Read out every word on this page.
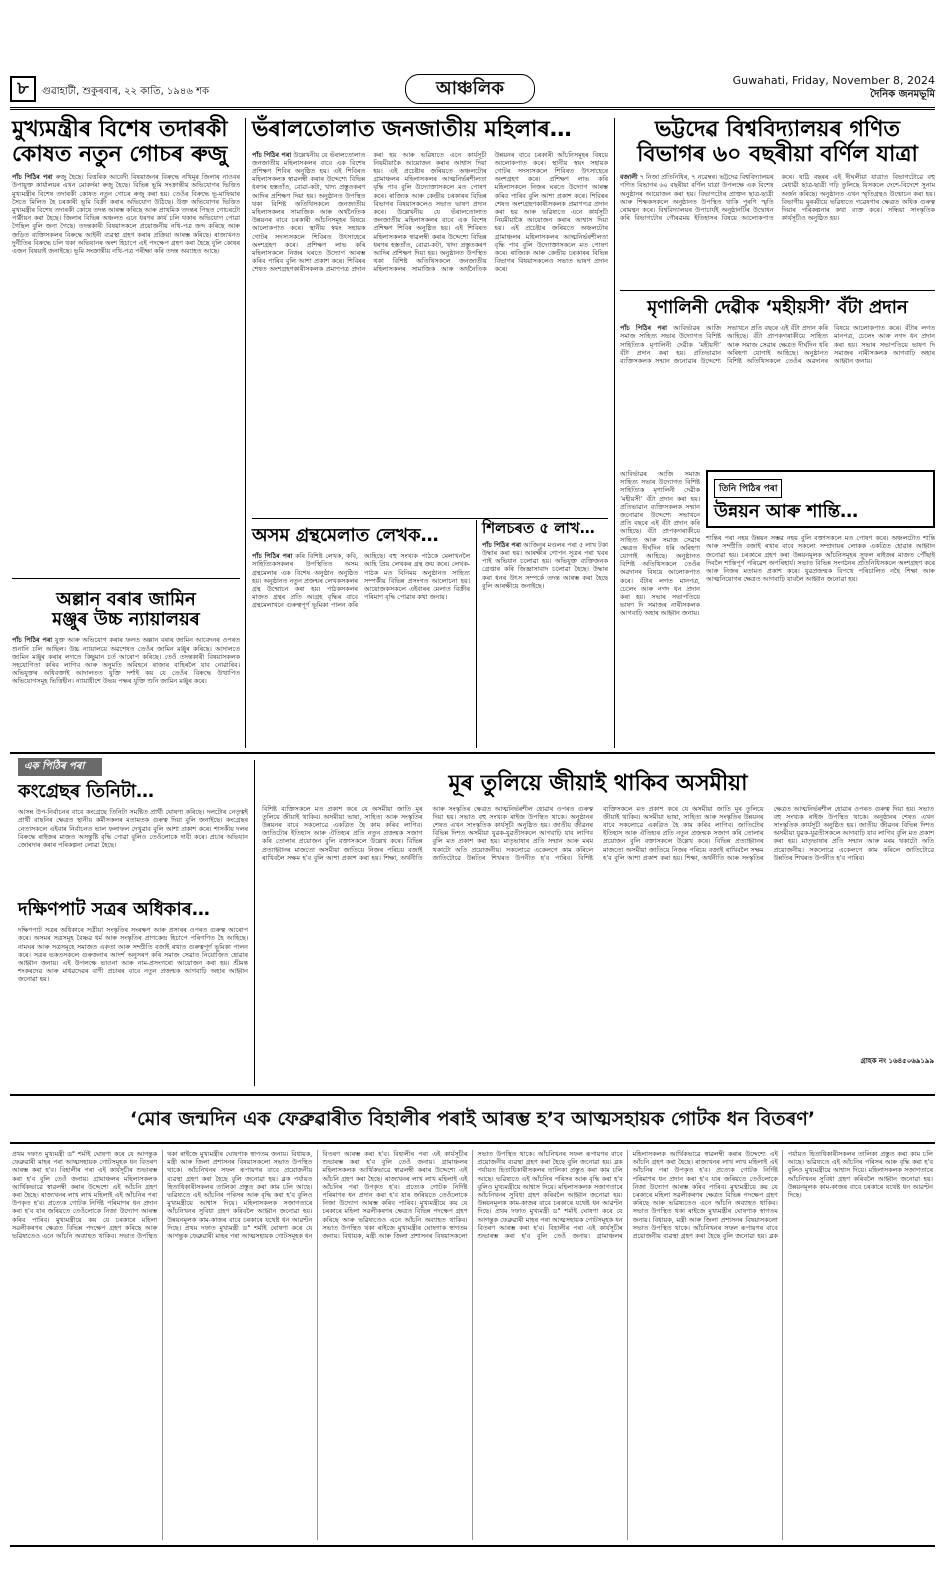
৮	গুৱাহাটী, শুকুৰবাৰ, ২২ কাতি, ১৯৪৬ শক	আঞ্চলিক	Guwahati, Friday, November 8, 2024
দৈনিক জনমভূমি
মুখ্যমন্ত্ৰীৰ বিশেষ তদাৰকী
কোষত নতুন গোচৰ ৰুজু
পাঁচ পিঠিৰ পৰা ৰুজু হৈছে। বিত্তৰিক আবেদী বিষয়াজনৰ বিৰুদ্ধে নথিমূৰ জিলাৰ নাওবৰ উপায়ুক্ত কাৰ্যালয়ৰ এখন মোকৰ্দমা ৰুজু হৈছে। বিভিন্ন ভূমি সংক্ৰান্তীয় অভিযোগৰ ভিত্তিত মুখ্যমন্ত্ৰীৰ বিশেষ তদাৰকী কোষত নতুন গোচৰ ৰুজু কৰা হয়। তেওঁৰ বিৰুদ্ধে ভূ-মাফিয়াৰ সৈতে মিলিত হৈ চৰকাৰী ভূমি বিক্ৰী কৰাৰ অভিযোগ উঠিছে। উক্ত অভিযোগৰ ভিত্তিত মুখ্যমন্ত্ৰীৰ বিশেষ তদাৰকী কোষে তদন্ত আৰম্ভ কৰিছে আৰু প্ৰাথমিক তদন্তৰ পিছত গোচৰটো পঞ্জীয়ন কৰা হৈছে। জিলাৰ বিভিন্ন অঞ্চলত এনে ধৰণৰ কাৰ্য চলি থকাৰ অভিযোগ পোৱা গৈছিল বুলি জনা গৈছে। তদন্তকাৰী বিষয়াসকলে প্ৰয়োজনীয় নথি-পত্ৰ জব্দ কৰিছে আৰু জড়িত ব্যক্তিসকলৰ বিৰুদ্ধে আইনী ব্যৱস্থা গ্ৰহণ কৰাৰ প্ৰক্ৰিয়া আৰম্ভ কৰিছে। ৰাজ্যখনত দুৰ্নীতিৰ বিৰুদ্ধে চলি থকা অভিযানৰ অংশ হিচাপে এই পদক্ষেপ গ্ৰহণ কৰা হৈছে বুলি কোষৰ এজন বিষয়াই জনাইছে। ভূমি সংক্ৰান্তীয় নথি-পত্ৰ পৰীক্ষা কৰি তদন্ত অব্যাহত আছে।
অল্লান বৰাৰ জামিন
মঞ্জুৰ উচ্চ ন্যায়ালয়ৰ
পাঁচ পিঠিৰ পৰা যুক্ত আৰু অভিযোগ কৰাৰ ফলত অল্লান বৰাৰ জামিন আবেদনৰ ওপৰত শুনানি চলি আছিল। উচ্চ ন্যায়ালয়ে অৱশেষত তেওঁৰ জামিন মঞ্জুৰ কৰিছে। আদালতে জামিন মঞ্জুৰ কৰাৰ লগতে কিছুমান চৰ্ত আৰোপ কৰিছে। তেওঁ তদন্তকাৰী বিষয়াসকলক সহযোগিতা কৰিব লাগিব আৰু অনুমতি অবিহনে ৰাজ্যৰ বাহিৰলৈ যাব নোৱাৰিব। অভিযুক্তৰ অধিবক্তাই আদালতত যুক্তি দৰ্শাই কয় যে তেওঁৰ বিৰুদ্ধে উত্থাপিত অভিযোগসমূহ ভিত্তিহীন। ন্যায়াধীশে উভয় পক্ষৰ যুক্তি শুনি জামিন মঞ্জুৰ কৰে।
ভঁৰালতোলাত জনজাতীয় মহিলাৰ…
পাঁচ পিঠিৰ পৰা উল্লেখনীয় যে ভঁৰালতোলাত জনজাতীয় মহিলাসকলৰ বাবে এক বিশেষ প্ৰশিক্ষণ শিবিৰ অনুষ্ঠিত হয়। এই শিবিৰত মহিলাসকলক স্বাৱলম্বী কৰাৰ উদ্দেশ্যে বিভিন্ন ধৰণৰ হস্ততাঁত, বোৱা-কটা, খাদ্য প্ৰস্তুতকৰণ আদিৰ প্ৰশিক্ষণ দিয়া হয়। অনুষ্ঠানত উপস্থিত থকা বিশিষ্ট অতিথিসকলে জনজাতীয় মহিলাসকলৰ সামাজিক আৰু অৰ্থনৈতিক উন্নয়নৰ বাবে চৰকাৰী আঁচনিসমূহৰ বিষয়ে আলোকপাত কৰে। স্থানীয় স্বয়ং সহায়ক গোটৰ সদস্যসকলে শিবিৰত উৎসাহেৰে অংশগ্ৰহণ কৰে। প্ৰশিক্ষণ লাভ কৰি মহিলাসকলে নিজৰ ঘৰতে উদ্যোগ আৰম্ভ কৰিব পাৰিব বুলি আশা প্ৰকাশ কৰে। শিবিৰৰ শেষত অংশগ্ৰহণকাৰীসকলক প্ৰমাণপত্ৰ প্ৰদান কৰা হয় আৰু ভৱিষ্যতে এনে কাৰ্যসূচী নিয়মীয়াকৈ আয়োজন কৰাৰ আশ্বাস দিয়া হয়। এই প্ৰচেষ্টাৰ জৰিয়তে অঞ্চলটোৰ গ্ৰামাঞ্চলৰ মহিলাসকলৰ আত্মনিৰ্ভৰশীলতা বৃদ্ধি পাব বুলি উদ্যোক্তাসকলে মত পোষণ কৰে। ৰাজ্যিক আৰু কেন্দ্ৰীয় চৰকাৰৰ বিভিন্ন বিভাগৰ বিষয়াসকলেও সভাত ভাষণ প্ৰদান কৰে। উল্লেখনীয় যে ভঁৰালতোলাত জনজাতীয় মহিলাসকলৰ বাবে এক বিশেষ প্ৰশিক্ষণ শিবিৰ অনুষ্ঠিত হয়। এই শিবিৰত মহিলাসকলক স্বাৱলম্বী কৰাৰ উদ্দেশ্যে বিভিন্ন ধৰণৰ হস্ততাঁত, বোৱা-কটা, খাদ্য প্ৰস্তুতকৰণ আদিৰ প্ৰশিক্ষণ দিয়া হয়। অনুষ্ঠানত উপস্থিত থকা বিশিষ্ট অতিথিসকলে জনজাতীয় মহিলাসকলৰ সামাজিক আৰু অৰ্থনৈতিক উন্নয়নৰ বাবে চৰকাৰী আঁচনিসমূহৰ বিষয়ে আলোকপাত কৰে। স্থানীয় স্বয়ং সহায়ক গোটৰ সদস্যসকলে শিবিৰত উৎসাহেৰে অংশগ্ৰহণ কৰে। প্ৰশিক্ষণ লাভ কৰি মহিলাসকলে নিজৰ ঘৰতে উদ্যোগ আৰম্ভ কৰিব পাৰিব বুলি আশা প্ৰকাশ কৰে। শিবিৰৰ শেষত অংশগ্ৰহণকাৰীসকলক প্ৰমাণপত্ৰ প্ৰদান কৰা হয় আৰু ভৱিষ্যতে এনে কাৰ্যসূচী নিয়মীয়াকৈ আয়োজন কৰাৰ আশ্বাস দিয়া হয়। এই প্ৰচেষ্টাৰ জৰিয়তে অঞ্চলটোৰ গ্ৰামাঞ্চলৰ মহিলাসকলৰ আত্মনিৰ্ভৰশীলতা বৃদ্ধি পাব বুলি উদ্যোক্তাসকলে মত পোষণ কৰে। ৰাজ্যিক আৰু কেন্দ্ৰীয় চৰকাৰৰ বিভিন্ন বিভাগৰ বিষয়াসকলেও সভাত ভাষণ প্ৰদান কৰে।
অসম গ্ৰন্থমেলাত লেখক…
পাঁচ পিঠিৰ পৰা কৰি বিশিষ্ট লেখক, কবি, সাহিত্যিকসকলৰ উপস্থিতিত অসম গ্ৰন্থমেলাৰ এক বিশেষ অনুষ্ঠান অনুষ্ঠিত হয়। অনুষ্ঠানত নতুন প্ৰজন্মৰ লেখকসকলৰ গ্ৰন্থ উন্মোচন কৰা হয়। পাঠকসকলৰ মাজত গ্ৰন্থৰ প্ৰতি আগ্ৰহ বৃদ্ধিৰ বাবে গ্ৰন্থমেলাখনে গুৰুত্বপূৰ্ণ ভূমিকা পালন কৰি আহিছে। বহু সংখ্যক পাঠকে মেলাখনলৈ আহি প্ৰিয় লেখকৰ গ্ৰন্থ ক্ৰয় কৰে। লেখক-পাঠক মত বিনিময় অনুষ্ঠানত সাহিত্য সম্পৰ্কীয় বিভিন্ন প্ৰসংগত আলোচনা হয়। আয়োজকসকলে এইবাৰৰ মেলাত বিক্ৰীৰ পৰিমাণ বৃদ্ধি পোৱাৰ কথা জনায়।
শিলচৰত ৫ লাখ…
পাঁচ পিঠিৰ পৰা আজিনুৰ মণ্ডলৰ পৰা ৫ লাখ টকা উদ্ধাৰ কৰা হয়। আৰক্ষীৰ গোপন সূত্ৰৰ পৰা খবৰ পাই অভিযান চলোৱা হয়। অভিযুক্ত ব্যক্তিজনক গ্ৰেপ্তাৰ কৰি জিজ্ঞাসাবাদ চলোৱা হৈছে। উদ্ধাৰ কৰা ধনৰ উৎস সম্পৰ্কে তদন্ত আৰম্ভ কৰা হৈছে বুলি আৰক্ষীয়ে জনাইছে।
ভট্টদেৱ বিশ্ববিদ্যালয়ৰ গণিত
বিভাগৰ ৬০ বছৰীয়া বৰ্ণিল যাত্ৰা
বজালী ৭ নিজা প্ৰতিনিধিৰ, ৭ নৱেম্বৰ। ভট্টদেৱ বিশ্ববিদ্যালয়ৰ গণিত বিভাগৰ ৬০ বছৰীয়া বৰ্ণিল যাত্ৰা উপলক্ষে এক বিশেষ অনুষ্ঠানৰ আয়োজন কৰা হয়। বিভাগটোৰ প্ৰাক্তন ছাত্ৰ-ছাত্ৰী আৰু শিক্ষকসকলে অনুষ্ঠানত উপস্থিত থাকি পুৰণি স্মৃতি ৰোমন্থন কৰে। বিশ্ববিদ্যালয়ৰ উপাচাৰ্যই অনুষ্ঠানটিৰ উদ্বোধন কৰি বিভাগটোৰ গৌৰৱময় ইতিহাসৰ বিষয়ে আলোকপাত কৰে। ষাঠি বছৰৰ এই দীঘলীয়া যাত্ৰাত বিভাগটোৱে বহু মেধাৱী ছাত্ৰ-ছাত্ৰী গঢ়ি তুলিছে যিসকলে দেশে-বিদেশে সুনাম অৰ্জন কৰিছে। অনুষ্ঠানত এখন স্মৃতিগ্ৰন্থও উন্মোচন কৰা হয়। বিভাগীয় মুৰব্বীয়ে ভৱিষ্যতে গৱেষণাৰ ক্ষেত্ৰত অধিক গুৰুত্ব দিয়াৰ পৰিকল্পনাৰ কথা ব্যক্ত কৰে। সন্ধিয়া সাংস্কৃতিক কাৰ্যসূচীও অনুষ্ঠিত হয়।
মৃণালিনী দেৱীক ‘মহীয়সী’ বঁটা প্ৰদান
পাঁচ পিঠিৰ পৰা আবিৰ্ভাৱৰ আজি সমাজ সাহিত্য সভাৰ উদ্যোগত বিশিষ্ট সাহিত্যিক মৃণালিনী দেৱীক ‘মহীয়সী’ বঁটা প্ৰদান কৰা হয়। প্ৰতিভাৱান ব্যক্তিসকলক সন্মান জনোৱাৰ উদ্দেশ্যে সভাখনে প্ৰতি বছৰে এই বঁটা প্ৰদান কৰি আহিছে। বঁটা প্ৰাপকগৰাকীয়ে সাহিত্য আৰু সমাজ সেৱাৰ ক্ষেত্ৰত দীৰ্ঘদিন ধৰি অৰিহণা যোগাই আহিছে। অনুষ্ঠানত বিশিষ্ট অতিথিসকলে তেওঁৰ অৱদানৰ বিষয়ে আলোকপাত কৰে। বঁটাৰ লগত মানপত্ৰ, চেলেং আৰু নগদ ধন প্ৰদান কৰা হয়। সভাৰ সভাপতিয়ে ভাষণ দি সমাজৰ নাৰীসকলক আগবাঢ়ি অহাৰ আহ্বান জনায়।
তিনি পিঠিৰ পৰা
উন্নয়ন আৰু শান্তি…
শান্তিৰ পৰা নহয় উন্নয়ন সম্ভৱ নহয় বুলি বক্তাসকলে মত পোষণ কৰে। অঞ্চলটোত শান্তি আৰু সম্প্ৰীতি বজাই ৰখাৰ বাবে সকলো সম্প্ৰদায়ৰ লোকক একত্ৰিত হোৱাৰ আহ্বান জনোৱা হয়। চৰকাৰে গ্ৰহণ কৰা উন্নয়নমূলক আঁচনিসমূহৰ সুফল ৰাইজৰ মাজত পৌঁছাই দিবলৈ শান্তিপূৰ্ণ পৰিৱেশ অপৰিহাৰ্য। সভাত বিভিন্ন সংগঠনৰ প্ৰতিনিধিসকলে অংশগ্ৰহণ কৰে আৰু নিজৰ মতামত প্ৰকাশ কৰে। যুৱপ্ৰজন্মক বিপথে পৰিচালিত নহৈ শিক্ষা আৰু আত্মনিয়োগৰ ক্ষেত্ৰত আগবাঢ়ি যাবলৈ আহ্বান জনোৱা হয়।
আবিৰ্ভাৱৰ আজি সমাজ সাহিত্য সভাৰ উদ্যোগত বিশিষ্ট সাহিত্যিক মৃণালিনী দেৱীক ‘মহীয়সী’ বঁটা প্ৰদান কৰা হয়। প্ৰতিভাৱান ব্যক্তিসকলক সন্মান জনোৱাৰ উদ্দেশ্যে সভাখনে প্ৰতি বছৰে এই বঁটা প্ৰদান কৰি আহিছে। বঁটা প্ৰাপকগৰাকীয়ে সাহিত্য আৰু সমাজ সেৱাৰ ক্ষেত্ৰত দীৰ্ঘদিন ধৰি অৰিহণা যোগাই আহিছে। অনুষ্ঠানত বিশিষ্ট অতিথিসকলে তেওঁৰ অৱদানৰ বিষয়ে আলোকপাত কৰে। বঁটাৰ লগত মানপত্ৰ, চেলেং আৰু নগদ ধন প্ৰদান কৰা হয়। সভাৰ সভাপতিয়ে ভাষণ দি সমাজৰ নাৰীসকলক আগবাঢ়ি অহাৰ আহ্বান জনায়।
এক পিঠিৰ পৰা
কংগ্ৰেছৰ তিনিটা…
আসন্ন উপ-নিৰ্বাচনৰ বাবে কংগ্ৰেছে তিনিটা সমষ্টিত প্ৰাৰ্থী ঘোষণা কৰিছে। দলটোৰ নেতৃত্বই প্ৰাৰ্থী বাছনিৰ ক্ষেত্ৰত স্থানীয় কৰ্মীসকলৰ মতামতক গুৰুত্ব দিয়া বুলি জনাইছে। কংগ্ৰেছৰ নেতাসকলে এইবাৰ নিৰ্বাচনত ভাল ফলাফল দেখুৱাব বুলি আশা প্ৰকাশ কৰে। শাসকীয় দলৰ বিৰুদ্ধে ৰাইজৰ মাজত অসন্তুষ্টি বৃদ্ধি পোৱা বুলিও তেওঁলোকে দাবী কৰে। প্ৰচাৰ অভিযান জোৰদাৰ কৰাৰ পৰিকল্পনা লোৱা হৈছে।
দক্ষিণপাট সত্ৰৰ অধিকাৰ…
দক্ষিণপাট সত্ৰৰ অধিকাৰে সত্ৰীয়া সংস্কৃতিৰ সংৰক্ষণ আৰু প্ৰসাৰৰ ওপৰত গুৰুত্ব আৰোপ কৰে। অসমৰ সত্ৰসমূহ বৈষ্ণৱ ধৰ্ম আৰু সংস্কৃতিৰ প্ৰাণকেন্দ্ৰ হিচাপে পৰিগণিত হৈ আহিছে। নামঘৰ আৰু সত্ৰসমূহে সমাজত একতা আৰু সম্প্ৰীতি বজাই ৰখাত গুৰুত্বপূৰ্ণ ভূমিকা পালন কৰে। সত্ৰৰ ভকতসকলে গুৰুজনাৰ আদৰ্শ অনুসৰণ কৰি সমাজ সেৱাত নিয়োজিত হোৱাৰ আহ্বান জনায়। এই উপলক্ষে ভাওনা আৰু নাম-প্ৰসংগৰো আয়োজন কৰা হয়। শ্ৰীমন্ত শংকৰদেৱ আৰু মাধৱদেৱৰ বাণী প্ৰচাৰৰ বাবে নতুন প্ৰজন্মক আগবাঢ়ি অহাৰ আহ্বান জনোৱা হয়।
মূৰ তুলিয়ে জীয়াই থাকিব অসমীয়া
বিশিষ্ট ব্যক্তিসকলে মত প্ৰকাশ কৰে যে অসমীয়া জাতি মূৰ তুলিয়ে জীয়াই থাকিব। অসমীয়া ভাষা, সাহিত্য আৰু সংস্কৃতিৰ উন্নয়নৰ বাবে সকলোৱে একত্ৰিত হৈ কাম কৰিব লাগিব। জাতিটোৰ ইতিহাস আৰু ঐতিহ্যৰ প্ৰতি নতুন প্ৰজন্মক সজাগ কৰি তোলাৰ প্ৰয়োজন বুলি বক্তাসকলে উল্লেখ কৰে। বিভিন্ন প্ৰত্যাহ্বানৰ মাজতো অসমীয়া জাতিয়ে নিজৰ পৰিচয় বজাই ৰাখিবলৈ সক্ষম হ'ব বুলি আশা প্ৰকাশ কৰা হয়। শিক্ষা, অৰ্থনীতি আৰু সংস্কৃতিৰ ক্ষেত্ৰত আত্মনিৰ্ভৰশীল হোৱাৰ ওপৰত গুৰুত্ব দিয়া হয়। সভাত বহু সংখ্যক ৰাইজ উপস্থিত থাকে। অনুষ্ঠানৰ শেষত এখন সাংস্কৃতিক কাৰ্যসূচী অনুষ্ঠিত হয়। জাতীয় জীৱনৰ বিভিন্ন দিশত অসমীয়া যুৱক-যুৱতীসকলে আগবাঢ়ি যাব লাগিব বুলি মত প্ৰকাশ কৰা হয়। মাতৃভাষাৰ প্ৰতি সন্মান আৰু মৰম থকাটো অতি প্ৰয়োজনীয়। সকলোৱে একেলগে কাম কৰিলে জাতিটোৱে উন্নতিৰ শিখৰত উপনীত হ'ব পাৰিব। বিশিষ্ট ব্যক্তিসকলে মত প্ৰকাশ কৰে যে অসমীয়া জাতি মূৰ তুলিয়ে জীয়াই থাকিব। অসমীয়া ভাষা, সাহিত্য আৰু সংস্কৃতিৰ উন্নয়নৰ বাবে সকলোৱে একত্ৰিত হৈ কাম কৰিব লাগিব। জাতিটোৰ ইতিহাস আৰু ঐতিহ্যৰ প্ৰতি নতুন প্ৰজন্মক সজাগ কৰি তোলাৰ প্ৰয়োজন বুলি বক্তাসকলে উল্লেখ কৰে। বিভিন্ন প্ৰত্যাহ্বানৰ মাজতো অসমীয়া জাতিয়ে নিজৰ পৰিচয় বজাই ৰাখিবলৈ সক্ষম হ'ব বুলি আশা প্ৰকাশ কৰা হয়। শিক্ষা, অৰ্থনীতি আৰু সংস্কৃতিৰ ক্ষেত্ৰত আত্মনিৰ্ভৰশীল হোৱাৰ ওপৰত গুৰুত্ব দিয়া হয়। সভাত বহু সংখ্যক ৰাইজ উপস্থিত থাকে। অনুষ্ঠানৰ শেষত এখন সাংস্কৃতিক কাৰ্যসূচী অনুষ্ঠিত হয়। জাতীয় জীৱনৰ বিভিন্ন দিশত অসমীয়া যুৱক-যুৱতীসকলে আগবাঢ়ি যাব লাগিব বুলি মত প্ৰকাশ কৰা হয়। মাতৃভাষাৰ প্ৰতি সন্মান আৰু মৰম থকাটো অতি প্ৰয়োজনীয়। সকলোৱে একেলগে কাম কৰিলে জাতিটোৱে উন্নতিৰ শিখৰত উপনীত হ'ব পাৰিব।
গ্ৰাহক নং ১৬৪৫০৬৯১৯৯
‘মোৰ জন্মদিন এক ফেব্ৰুৱাৰীত বিহালীৰ পৰাই আৰম্ভ হ’ব আত্মসহায়ক গোটক ধন বিতৰণ’
প্ৰথম দফাত মুখ্যমন্ত্ৰী ড° শৰ্মাই ঘোষণা কৰে যে আগন্তুক ফেব্ৰুৱাৰী মাহৰ পৰা আত্মসহায়ক গোটসমূহক ধন বিতৰণ আৰম্ভ কৰা হ'ব। বিহালীৰ পৰা এই কাৰ্যসূচীৰ শুভাৰম্ভ কৰা হ'ব বুলি তেওঁ জনায়। গ্ৰামাঞ্চলৰ মহিলাসকলক আৰ্থিকভাৱে স্বাৱলম্বী কৰাৰ উদ্দেশ্যে এই আঁচনি গ্ৰহণ কৰা হৈছে। ৰাজ্যখনৰ লাখ লাখ মহিলাই এই আঁচনিৰ পৰা উপকৃত হ'ব। প্ৰত্যেক গোটক নিৰ্দিষ্ট পৰিমাণৰ ধন প্ৰদান কৰা হ'ব যাৰ জৰিয়তে তেওঁলোকে নিজা উদ্যোগ আৰম্ভ কৰিব পাৰিব। মুখ্যমন্ত্ৰীয়ে কয় যে চৰকাৰে মহিলা সৱলীকৰণৰ ক্ষেত্ৰত বিভিন্ন পদক্ষেপ গ্ৰহণ কৰিছে আৰু ভৱিষ্যতেও এনে আঁচনি অব্যাহত থাকিব। সভাত উপস্থিত থকা ৰাইজে মুখ্যমন্ত্ৰীৰ ঘোষণাক স্বাগতম জনায়। বিধায়ক, মন্ত্ৰী আৰু জিলা প্ৰশাসনৰ বিষয়াসকলো সভাত উপস্থিত থাকে। আঁচনিখনৰ সফল ৰূপায়ণৰ বাবে প্ৰয়োজনীয় ব্যৱস্থা গ্ৰহণ কৰা হৈছে বুলি জনোৱা হয়। ব্লক পৰ্যায়ত হিতাধিকাৰীসকলৰ তালিকা প্ৰস্তুত কৰা কাম চলি আছে। ভৱিষ্যতে এই আঁচনিৰ পৰিসৰ আৰু বৃদ্ধি কৰা হ'ব বুলিও মুখ্যমন্ত্ৰীয়ে আশ্বাস দিয়ে। মহিলাসকলক সজাগতাৰে আঁচনিখনৰ সুবিধা গ্ৰহণ কৰিবলৈ আহ্বান জনোৱা হয়। উন্নয়নমূলক কাম-কাজৰ বাবে চৰকাৰে যথেষ্ট ধন আৱণ্টন দিছে। প্ৰথম দফাত মুখ্যমন্ত্ৰী ড° শৰ্মাই ঘোষণা কৰে যে আগন্তুক ফেব্ৰুৱাৰী মাহৰ পৰা আত্মসহায়ক গোটসমূহক ধন বিতৰণ আৰম্ভ কৰা হ'ব। বিহালীৰ পৰা এই কাৰ্যসূচীৰ শুভাৰম্ভ কৰা হ'ব বুলি তেওঁ জনায়। গ্ৰামাঞ্চলৰ মহিলাসকলক আৰ্থিকভাৱে স্বাৱলম্বী কৰাৰ উদ্দেশ্যে এই আঁচনি গ্ৰহণ কৰা হৈছে। ৰাজ্যখনৰ লাখ লাখ মহিলাই এই আঁচনিৰ পৰা উপকৃত হ'ব। প্ৰত্যেক গোটক নিৰ্দিষ্ট পৰিমাণৰ ধন প্ৰদান কৰা হ'ব যাৰ জৰিয়তে তেওঁলোকে নিজা উদ্যোগ আৰম্ভ কৰিব পাৰিব। মুখ্যমন্ত্ৰীয়ে কয় যে চৰকাৰে মহিলা সৱলীকৰণৰ ক্ষেত্ৰত বিভিন্ন পদক্ষেপ গ্ৰহণ কৰিছে আৰু ভৱিষ্যতেও এনে আঁচনি অব্যাহত থাকিব। সভাত উপস্থিত থকা ৰাইজে মুখ্যমন্ত্ৰীৰ ঘোষণাক স্বাগতম জনায়। বিধায়ক, মন্ত্ৰী আৰু জিলা প্ৰশাসনৰ বিষয়াসকলো সভাত উপস্থিত থাকে। আঁচনিখনৰ সফল ৰূপায়ণৰ বাবে প্ৰয়োজনীয় ব্যৱস্থা গ্ৰহণ কৰা হৈছে বুলি জনোৱা হয়। ব্লক পৰ্যায়ত হিতাধিকাৰীসকলৰ তালিকা প্ৰস্তুত কৰা কাম চলি আছে। ভৱিষ্যতে এই আঁচনিৰ পৰিসৰ আৰু বৃদ্ধি কৰা হ'ব বুলিও মুখ্যমন্ত্ৰীয়ে আশ্বাস দিয়ে। মহিলাসকলক সজাগতাৰে আঁচনিখনৰ সুবিধা গ্ৰহণ কৰিবলৈ আহ্বান জনোৱা হয়। উন্নয়নমূলক কাম-কাজৰ বাবে চৰকাৰে যথেষ্ট ধন আৱণ্টন দিছে। প্ৰথম দফাত মুখ্যমন্ত্ৰী ড° শৰ্মাই ঘোষণা কৰে যে আগন্তুক ফেব্ৰুৱাৰী মাহৰ পৰা আত্মসহায়ক গোটসমূহক ধন বিতৰণ আৰম্ভ কৰা হ'ব। বিহালীৰ পৰা এই কাৰ্যসূচীৰ শুভাৰম্ভ কৰা হ'ব বুলি তেওঁ জনায়। গ্ৰামাঞ্চলৰ মহিলাসকলক আৰ্থিকভাৱে স্বাৱলম্বী কৰাৰ উদ্দেশ্যে এই আঁচনি গ্ৰহণ কৰা হৈছে। ৰাজ্যখনৰ লাখ লাখ মহিলাই এই আঁচনিৰ পৰা উপকৃত হ'ব। প্ৰত্যেক গোটক নিৰ্দিষ্ট পৰিমাণৰ ধন প্ৰদান কৰা হ'ব যাৰ জৰিয়তে তেওঁলোকে নিজা উদ্যোগ আৰম্ভ কৰিব পাৰিব। মুখ্যমন্ত্ৰীয়ে কয় যে চৰকাৰে মহিলা সৱলীকৰণৰ ক্ষেত্ৰত বিভিন্ন পদক্ষেপ গ্ৰহণ কৰিছে আৰু ভৱিষ্যতেও এনে আঁচনি অব্যাহত থাকিব। সভাত উপস্থিত থকা ৰাইজে মুখ্যমন্ত্ৰীৰ ঘোষণাক স্বাগতম জনায়। বিধায়ক, মন্ত্ৰী আৰু জিলা প্ৰশাসনৰ বিষয়াসকলো সভাত উপস্থিত থাকে। আঁচনিখনৰ সফল ৰূপায়ণৰ বাবে প্ৰয়োজনীয় ব্যৱস্থা গ্ৰহণ কৰা হৈছে বুলি জনোৱা হয়। ব্লক পৰ্যায়ত হিতাধিকাৰীসকলৰ তালিকা প্ৰস্তুত কৰা কাম চলি আছে। ভৱিষ্যতে এই আঁচনিৰ পৰিসৰ আৰু বৃদ্ধি কৰা হ'ব বুলিও মুখ্যমন্ত্ৰীয়ে আশ্বাস দিয়ে। মহিলাসকলক সজাগতাৰে আঁচনিখনৰ সুবিধা গ্ৰহণ কৰিবলৈ আহ্বান জনোৱা হয়। উন্নয়নমূলক কাম-কাজৰ বাবে চৰকাৰে যথেষ্ট ধন আৱণ্টন দিছে।
